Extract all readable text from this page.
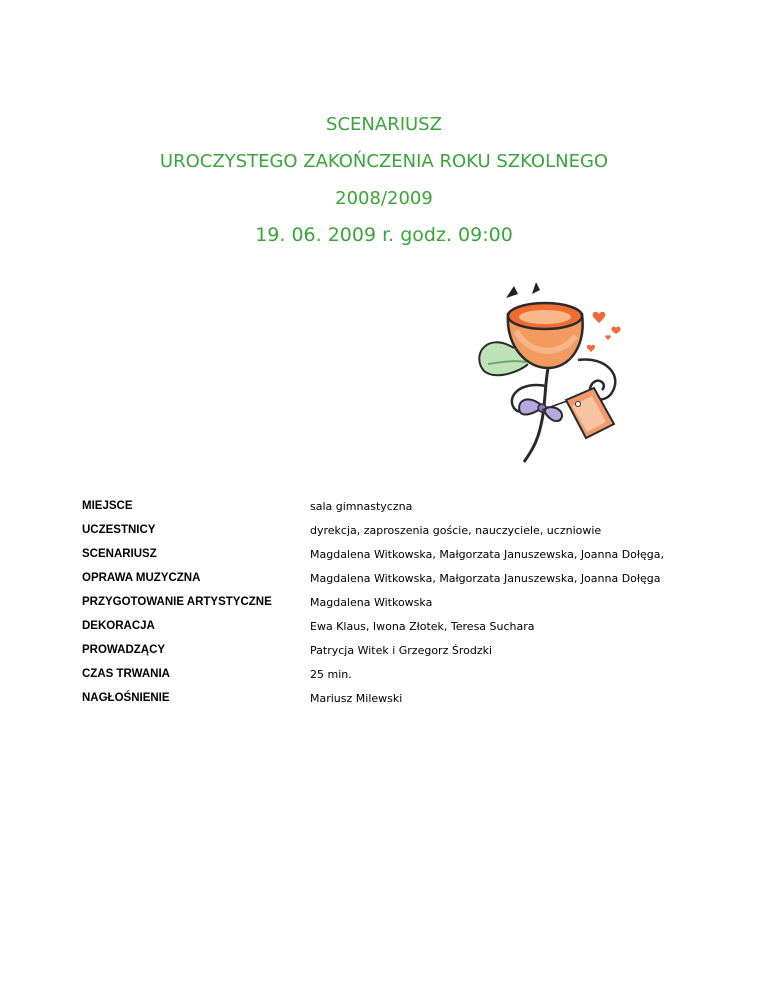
SCENARIUSZ

UROCZYSTEGO ZAKOŃCZENIA ROKU SZKOLNEGO

2008/2009

19. 06. 2009 r. godz. 09:00

MIEJSCE	sala gimnastyczna
UCZESTNICY	dyrekcja, zaproszenia goście, nauczyciele, uczniowie
SCENARIUSZ	Magdalena Witkowska, Małgorzata Januszewska, Joanna Dołęga,
OPRAWA MUZYCZNA	Magdalena Witkowska, Małgorzata Januszewska, Joanna Dołęga
PRZYGOTOWANIE ARTYSTYCZNE	Magdalena Witkowska
DEKORACJA	Ewa Klaus, Iwona Złotek, Teresa Suchara
PROWADZĄCY	Patrycja Witek i Grzegorz Środzki
CZAS TRWANIA	25 min.
NAGŁOŚNIENIE	Mariusz Milewski
